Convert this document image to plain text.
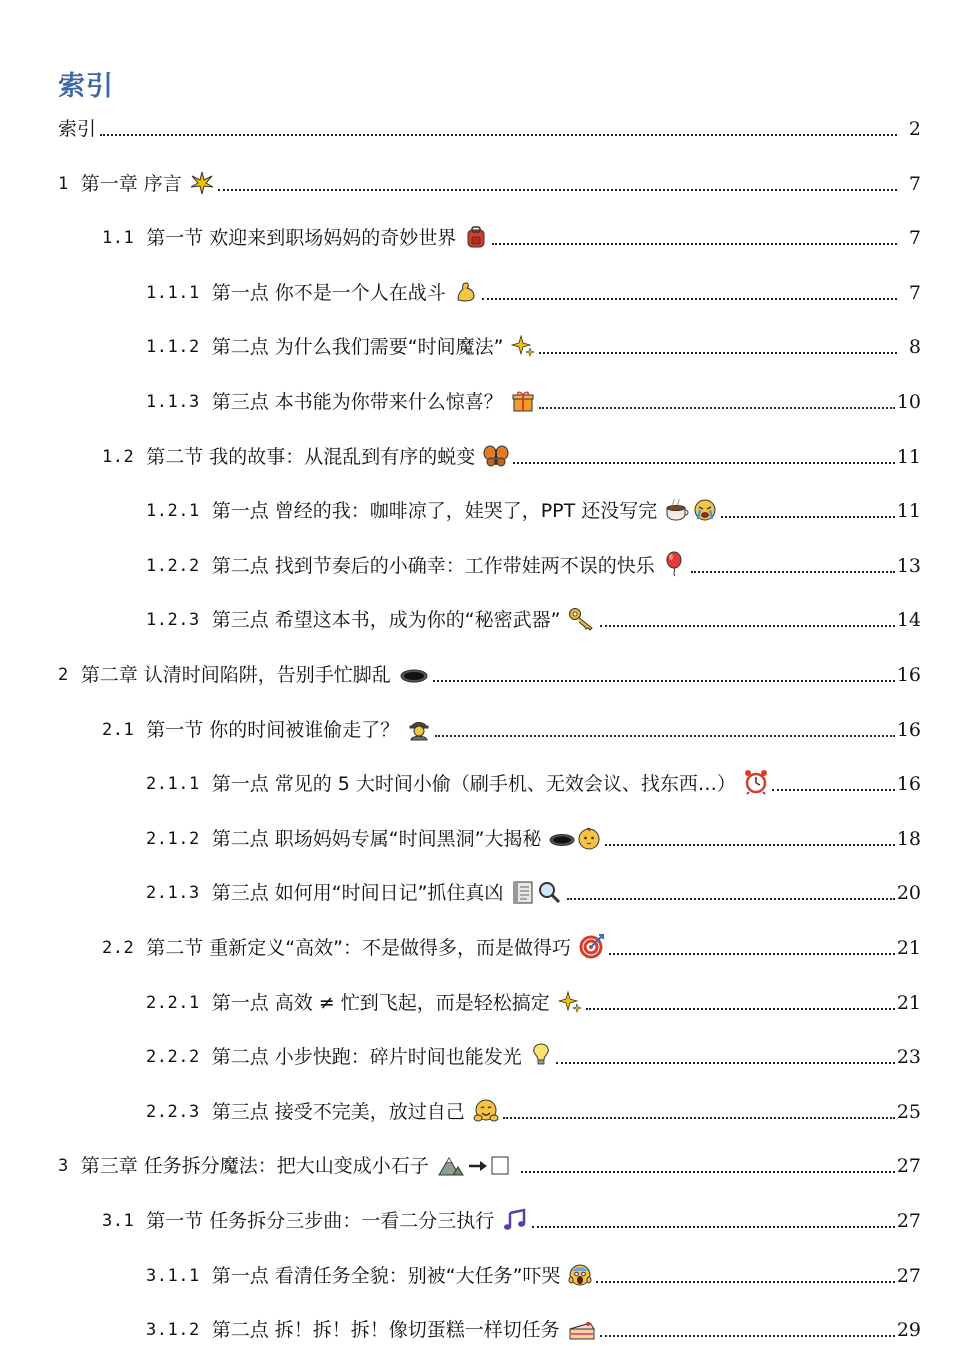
索引
索引	2
1 第一章 序言	7
1.1 第一节 欢迎来到职场妈妈的奇妙世界	7
1.1.1 第一点 你不是一个人在战斗	7
1.1.2 第二点 为什么我们需要“时间魔法”	8
1.1.3 第三点 本书能为你带来什么惊喜？	10
1.2 第二节 我的故事：从混乱到有序的蜕变	11
1.2.1 第一点 曾经的我：咖啡凉了，娃哭了，PPT 还没写完	11
1.2.2 第二点 找到节奏后的小确幸：工作带娃两不误的快乐	13
1.2.3 第三点 希望这本书，成为你的“秘密武器”	14
2 第二章 认清时间陷阱，告别手忙脚乱	16
2.1 第一节 你的时间被谁偷走了？	16
2.1.1 第一点 常见的 5 大时间小偷（刷手机、无效会议、找东西…）	16
2.1.2 第二点 职场妈妈专属“时间黑洞”大揭秘	18
2.1.3 第三点 如何用“时间日记”抓住真凶	20
2.2 第二节 重新定义“高效”：不是做得多，而是做得巧	21
2.2.1 第一点 高效 ≠ 忙到飞起，而是轻松搞定	21
2.2.2 第二点 小步快跑：碎片时间也能发光	23
2.2.3 第三点 接受不完美，放过自己	25
3 第三章 任务拆分魔法：把大山变成小石子	27
3.1 第一节 任务拆分三步曲：一看二分三执行	27
3.1.1 第一点 看清任务全貌：别被“大任务”吓哭	27
3.1.2 第二点 拆！拆！拆！像切蛋糕一样切任务	29
